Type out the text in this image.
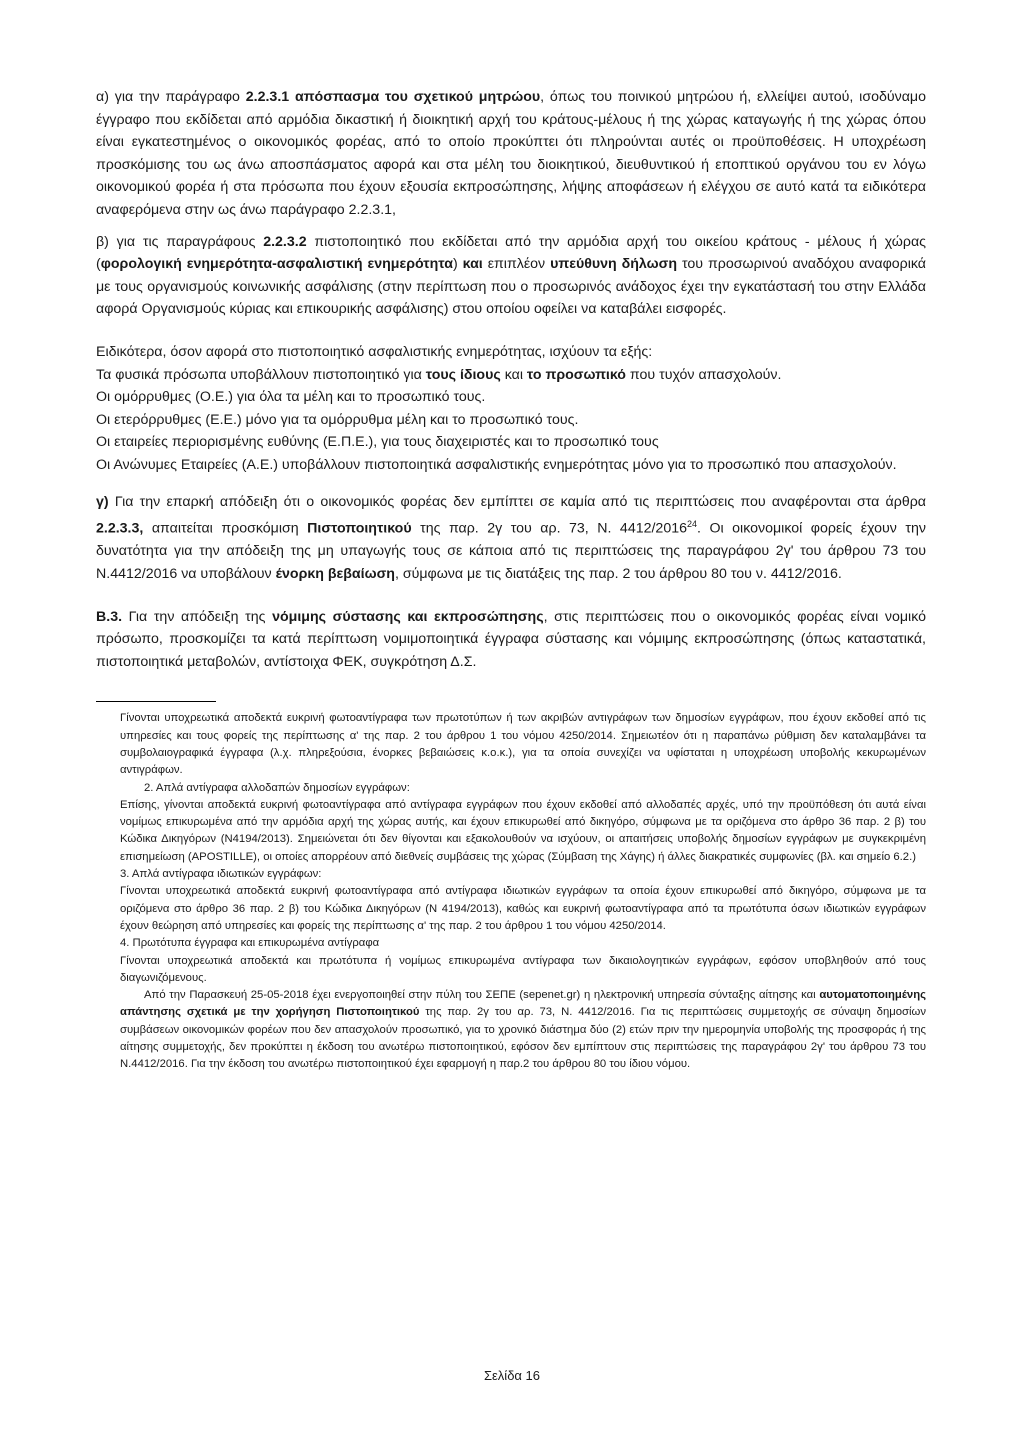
α) για την παράγραφο 2.2.3.1 απόσπασμα του σχετικού μητρώου, όπως του ποινικού μητρώου ή, ελλείψει αυτού, ισοδύναμο έγγραφο που εκδίδεται από αρμόδια δικαστική ή διοικητική αρχή του κράτους-μέλους ή της χώρας καταγωγής ή της χώρας όπου είναι εγκατεστημένος ο οικονομικός φορέας, από το οποίο προκύπτει ότι πληρούνται αυτές οι προϋποθέσεις. Η υποχρέωση προσκόμισης του ως άνω αποσπάσματος αφορά και στα μέλη του διοικητικού, διευθυντικού ή εποπτικού οργάνου του εν λόγω οικονομικού φορέα ή στα πρόσωπα που έχουν εξουσία εκπροσώπησης, λήψης αποφάσεων ή ελέγχου σε αυτό κατά τα ειδικότερα αναφερόμενα στην ως άνω παράγραφο 2.2.3.1,

β) για τις παραγράφους 2.2.3.2 πιστοποιητικό που εκδίδεται από την αρμόδια αρχή του οικείου κράτους - μέλους ή χώρας (φορολογική ενημερότητα-ασφαλιστική ενημερότητα) και επιπλέον υπεύθυνη δήλωση του προσωρινού αναδόχου αναφορικά με τους οργανισμούς κοινωνικής ασφάλισης (στην περίπτωση που ο προσωρινός ανάδοχος έχει την εγκατάστασή του στην Ελλάδα αφορά Οργανισμούς κύριας και επικουρικής ασφάλισης) στου οποίου οφείλει να καταβάλει εισφορές.

Ειδικότερα, όσον αφορά στο πιστοποιητικό ασφαλιστικής ενημερότητας, ισχύουν τα εξής:

Τα φυσικά πρόσωπα υποβάλλουν πιστοποιητικό για τους ίδιους και το προσωπικό που τυχόν απασχολούν.

Οι ομόρρυθμες (Ο.Ε.) για όλα τα μέλη και το προσωπικό τους.

Οι ετερόρρυθμες (Ε.Ε.) μόνο για τα ομόρρυθμα μέλη και το προσωπικό τους.

Οι εταιρείες περιορισμένης ευθύνης (Ε.Π.Ε.), για τους διαχειριστές και το προσωπικό τους

Οι Ανώνυμες Εταιρείες (Α.Ε.) υποβάλλουν πιστοποιητικά ασφαλιστικής ενημερότητας μόνο για το προσωπικό που απασχολούν.

γ) Για την επαρκή απόδειξη ότι ο οικονομικός φορέας δεν εμπίπτει σε καμία από τις περιπτώσεις που αναφέρονται στα άρθρα 2.2.3.3, απαιτείται προσκόμιση Πιστοποιητικού της παρ. 2γ του αρ. 73, Ν. 4412/2016$^{24}$. Οι οικονομικοί φορείς έχουν την δυνατότητα για την απόδειξη της μη υπαγωγής τους σε κάποια από τις περιπτώσεις της παραγράφου 2γ' του άρθρου 73 του Ν.4412/2016 να υποβάλουν ένορκη βεβαίωση, σύμφωνα με τις διατάξεις της παρ. 2 του άρθρου 80 του ν. 4412/2016.

Β.3. Για την απόδειξη της νόμιμης σύστασης και εκπροσώπησης, στις περιπτώσεις που ο οικονομικός φορέας είναι νομικό πρόσωπο, προσκομίζει τα κατά περίπτωση νομιμοποιητικά έγγραφα σύστασης και νόμιμης εκπροσώπησης (όπως καταστατικά, πιστοποιητικά μεταβολών, αντίστοιχα ΦΕΚ, συγκρότηση Δ.Σ.

Γίνονται υποχρεωτικά αποδεκτά ευκρινή φωτοαντίγραφα των πρωτοτύπων ή των ακριβών αντιγράφων των δημοσίων εγγράφων, που έχουν εκδοθεί από τις υπηρεσίες και τους φορείς της περίπτωσης α' της παρ. 2 του άρθρου 1 του νόμου 4250/2014. Σημειωτέον ότι η παραπάνω ρύθμιση δεν καταλαμβάνει τα συμβολαιογραφικά έγγραφα (λ.χ. πληρεξούσια, ένορκες βεβαιώσεις κ.ο.κ.), για τα οποία συνεχίζει να υφίσταται η υποχρέωση υποβολής κεκυρωμένων αντιγράφων.

2. Απλά αντίγραφα αλλοδαπών δημοσίων εγγράφων:

Επίσης, γίνονται αποδεκτά ευκρινή φωτοαντίγραφα από αντίγραφα εγγράφων που έχουν εκδοθεί από αλλοδαπές αρχές, υπό την προϋπόθεση ότι αυτά είναι νομίμως επικυρωμένα από την αρμόδια αρχή της χώρας αυτής, και έχουν επικυρωθεί από δικηγόρο, σύμφωνα με τα οριζόμενα στο άρθρο 36 παρ. 2 β) του Κώδικα Δικηγόρων (Ν4194/2013). Σημειώνεται ότι δεν θίγονται και εξακολουθούν να ισχύουν, οι απαιτήσεις υποβολής δημοσίων εγγράφων με συγκεκριμένη επισημείωση (APOSTILLE), οι οποίες απορρέουν από διεθνείς συμβάσεις της χώρας (Σύμβαση της Χάγης) ή άλλες διακρατικές συμφωνίες (βλ. και σημείο 6.2.)

3. Απλά αντίγραφα ιδιωτικών εγγράφων:

Γίνονται υποχρεωτικά αποδεκτά ευκρινή φωτοαντίγραφα από αντίγραφα ιδιωτικών εγγράφων τα οποία έχουν επικυρωθεί από δικηγόρο, σύμφωνα με τα οριζόμενα στο άρθρο 36 παρ. 2 β) του Κώδικα Δικηγόρων (Ν 4194/2013), καθώς και ευκρινή φωτοαντίγραφα από τα πρωτότυπα όσων ιδιωτικών εγγράφων έχουν θεώρηση από υπηρεσίες και φορείς της περίπτωσης α' της παρ. 2 του άρθρου 1 του νόμου 4250/2014.

4. Πρωτότυπα έγγραφα και επικυρωμένα αντίγραφα

Γίνονται υποχρεωτικά αποδεκτά και πρωτότυπα ή νομίμως επικυρωμένα αντίγραφα των δικαιολογητικών εγγράφων, εφόσον υποβληθούν από τους διαγωνιζόμενους.

Από την Παρασκευή 25-05-2018 έχει ενεργοποιηθεί στην πύλη του ΣΕΠΕ (sepenet.gr) η ηλεκτρονική υπηρεσία σύνταξης αίτησης και αυτοματοποιημένης απάντησης σχετικά με την χορήγηση Πιστοποιητικού της παρ. 2γ του αρ. 73, Ν. 4412/2016. Για τις περιπτώσεις συμμετοχής σε σύναψη δημοσίων συμβάσεων οικονομικών φορέων που δεν απασχολούν προσωπικό, για το χρονικό διάστημα δύο (2) ετών πριν την ημερομηνία υποβολής της προσφοράς ή της αίτησης συμμετοχής, δεν προκύπτει η έκδοση του ανωτέρω πιστοποιητικού, εφόσον δεν εμπίπτουν στις περιπτώσεις της παραγράφου 2γ' του άρθρου 73 του Ν.4412/2016. Για την έκδοση του ανωτέρω πιστοποιητικού έχει εφαρμογή η παρ.2 του άρθρου 80 του ίδιου νόμου.

Σελίδα 16
